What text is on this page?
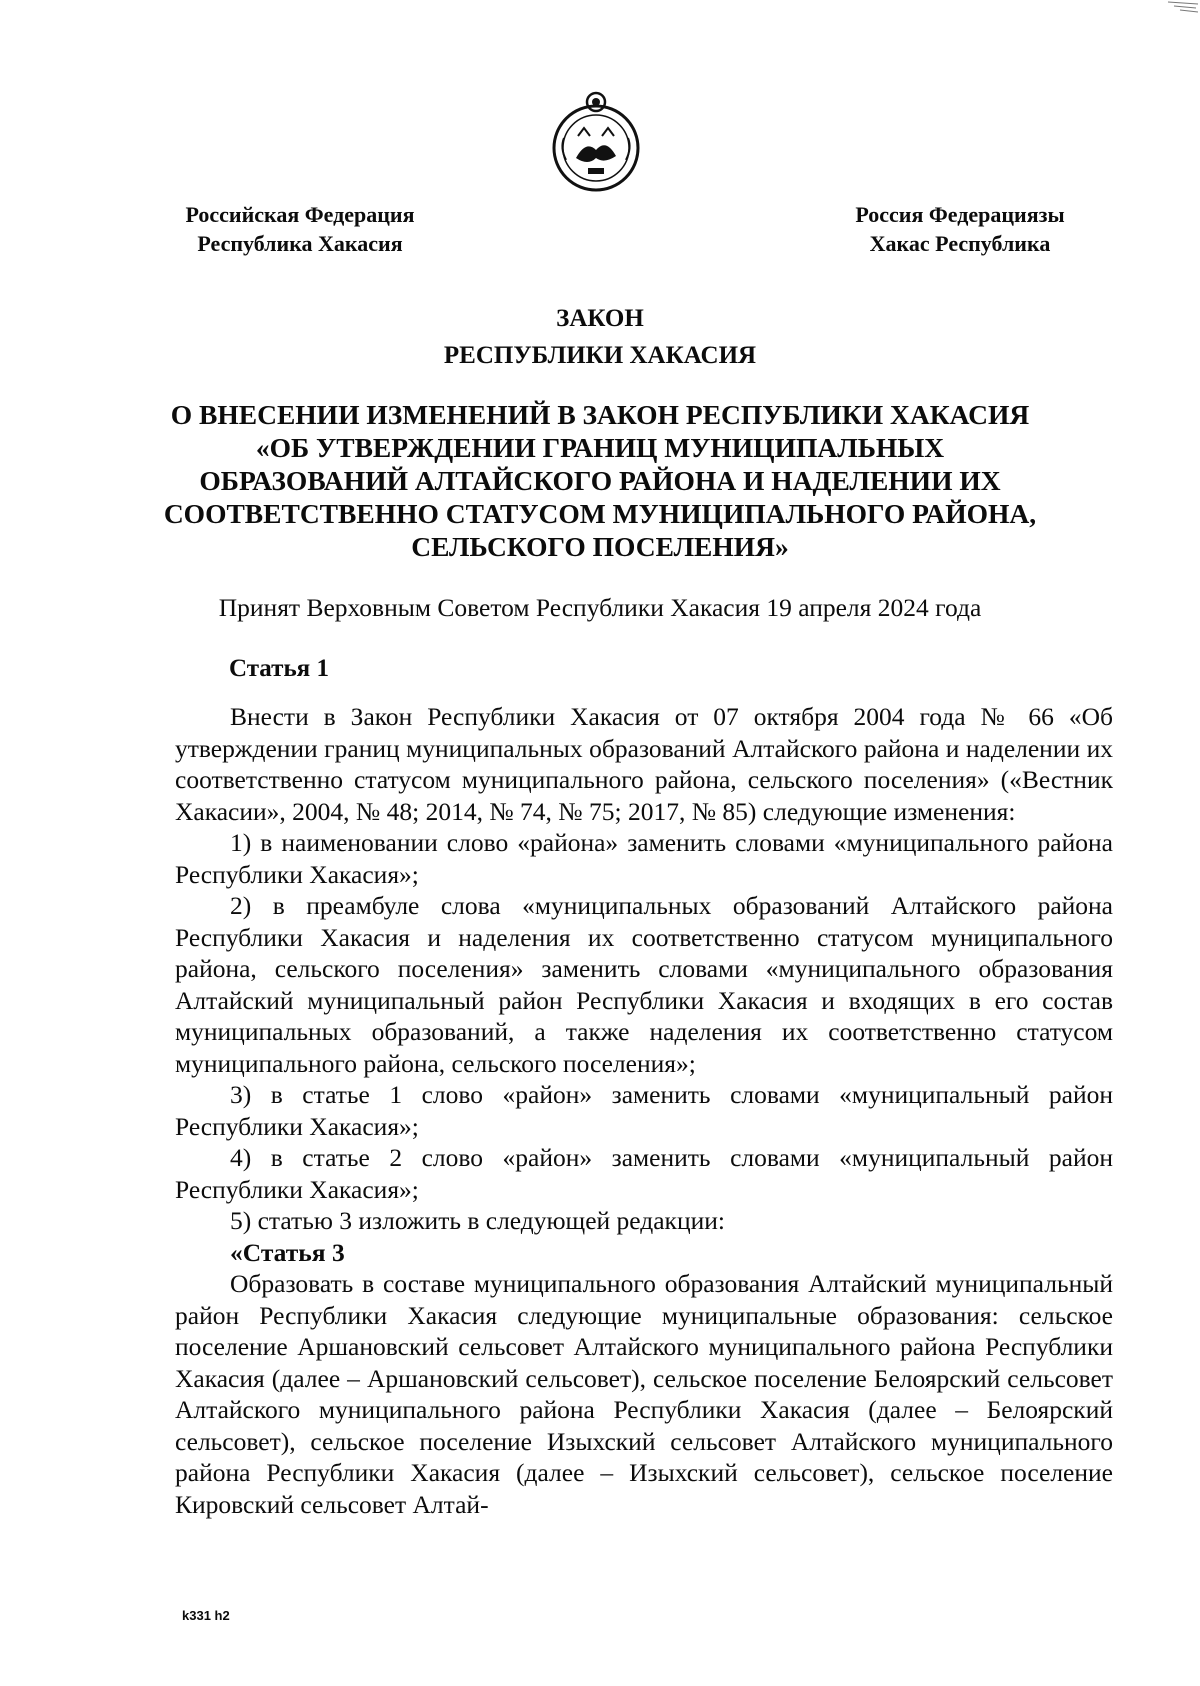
Российская Федерация
Республика Хакасия
Россия Федерациязы
Хакас Республика
ЗАКОН
РЕСПУБЛИКИ ХАКАСИЯ
О ВНЕСЕНИИ ИЗМЕНЕНИЙ В ЗАКОН РЕСПУБЛИКИ ХАКАСИЯ «ОБ УТВЕРЖДЕНИИ ГРАНИЦ МУНИЦИПАЛЬНЫХ ОБРАЗОВАНИЙ АЛТАЙСКОГО РАЙОНА И НАДЕЛЕНИИ ИХ СООТВЕТСТВЕННО СТАТУСОМ МУНИЦИПАЛЬНОГО РАЙОНА, СЕЛЬСКОГО ПОСЕЛЕНИЯ»
Принят Верховным Советом Республики Хакасия 19 апреля 2024 года
Статья 1

Внести в Закон Республики Хакасия от 07 октября 2004 года № 66 «Об утверждении границ муниципальных образований Алтайского района и наделении их соответственно статусом муниципального района, сельского поселения» («Вестник Хакасии», 2004, № 48; 2014, № 74, № 75; 2017, № 85) следующие изменения:

1) в наименовании слово «района» заменить словами «муниципального района Республики Хакасия»;

2) в преамбуле слова «муниципальных образований Алтайского района Республики Хакасия и наделения их соответственно статусом муниципального района, сельского поселения» заменить словами «муниципального образования Алтайский муниципальный район Республики Хакасия и входящих в его состав муниципальных образований, а также наделения их соответственно статусом муниципального района, сельского поселения»;

3) в статье 1 слово «район» заменить словами «муниципальный район Республики Хакасия»;

4) в статье 2 слово «район» заменить словами «муниципальный район Республики Хакасия»;

5) статью 3 изложить в следующей редакции:

«Статья 3

Образовать в составе муниципального образования Алтайский муниципальный район Республики Хакасия следующие муниципальные образования: сельское поселение Аршановский сельсовет Алтайского муниципального района Республики Хакасия (далее – Аршановский сельсовет), сельское поселение Белоярский сельсовет Алтайского муниципального района Республики Хакасия (далее – Белоярский сельсовет), сельское поселение Изыхский сельсовет Алтайского муниципального района Республики Хакасия (далее – Изыхский сельсовет), сельское поселение Кировский сельсовет Алтай-

k331 h2
